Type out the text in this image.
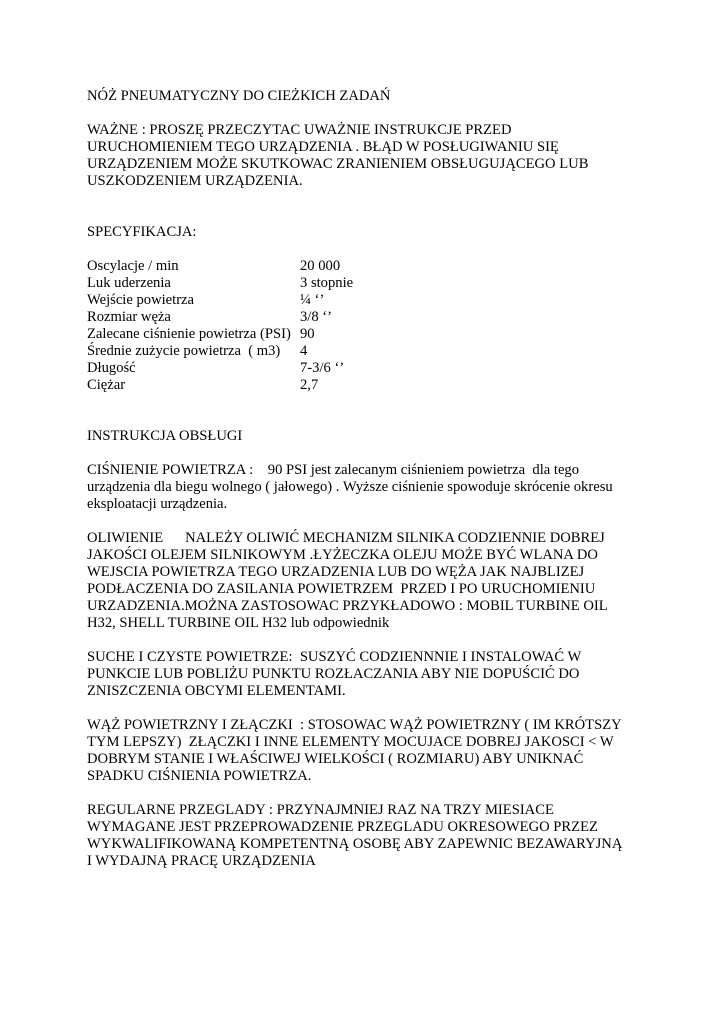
NÓŻ PNEUMATYCZNY DO CIEŻKICH ZADAŃ

WAŻNE : PROSZĘ PRZECZYTAC UWAŻNIE INSTRUKCJE PRZED
URUCHOMIENIEM TEGO URZĄDZENIA . BŁĄD W POSŁUGIWANIU SIĘ
URZĄDZENIEM MOŻE SKUTKOWAC ZRANIENIEM OBSŁUGUJĄCEGO LUB
USZKODZENIEM URZĄDZENIA.

SPECYFIKACJA:

Oscylacje / min	20 000
Luk uderzenia	3 stopnie
Wejście powietrza	¼ ‘’
Rozmiar węża	3/8 ‘’
Zalecane ciśnienie powietrza (PSI) 90
Średnie zużycie powietrza  ( m3)	4
Długość	7-3/6 ‘’
Ciężar	2,7

INSTRUKCJA OBSŁUGI

CIŚNIENIE POWIETRZA :    90 PSI jest zalecanym ciśnieniem powietrza  dla tego
urządzenia dla biegu wolnego ( jałowego) . Wyższe ciśnienie spowoduje skrócenie okresu
eksploatacji urządzenia.

OLIWIENIE      NALEŻY OLIWIĆ MECHANIZM SILNIKA CODZIENNIE DOBREJ
JAKOŚCI OLEJEM SILNIKOWYM .ŁYŻECZKA OLEJU MOŻE BYĆ WLANA DO
WEJSCIA POWIETRZA TEGO URZADZENIA LUB DO WĘŻA JAK NAJBLIZEJ
PODŁACZENIA DO ZASILANIA POWIETRZEM  PRZED I PO URUCHOMIENIU
URZADZENIA.MOŻNA ZASTOSOWAC PRZYKŁADOWO : MOBIL TURBINE OIL
H32, SHELL TURBINE OIL H32 lub odpowiednik

SUCHE I CZYSTE POWIETRZE:  SUSZYĆ CODZIENNNIE I INSTALOWAĆ W
PUNKCIE LUB POBLIŻU PUNKTU ROZŁACZANIA ABY NIE DOPUŚCIĆ DO
ZNISZCZENIA OBCYMI ELEMENTAMI.

WĄŻ POWIETRZNY I ZŁĄCZKI  : STOSOWAC WĄŻ POWIETRZNY ( IM KRÓTSZY
TYM LEPSZY)  ZŁĄCZKI I INNE ELEMENTY MOCUJACE DOBREJ JAKOSCI < W
DOBRYM STANIE I WŁAŚCIWEJ WIELKOŚCI ( ROZMIARU) ABY UNIKNAĆ
SPADKU CIŚNIENIA POWIETRZA.

REGULARNE PRZEGLADY : PRZYNAJMNIEJ RAZ NA TRZY MIESIACE
WYMAGANE JEST PRZEPROWADZENIE PRZEGLADU OKRESOWEGO PRZEZ
WYKWALIFIKOWANĄ KOMPETENTNĄ OSOBĘ ABY ZAPEWNIC BEZAWARYJNĄ
I WYDAJNĄ PRACĘ URZĄDZENIA
